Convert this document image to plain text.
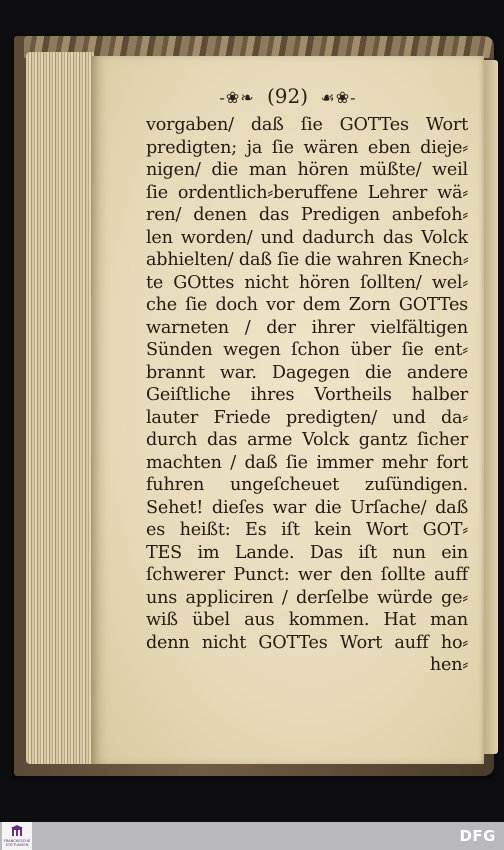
-❀❧ (92) ☙❀-
vorgaben/ daß ſie GOTTes Wort
predigten; ja ſie wären eben dieje⸗
nigen/ die man hören müßte/ weil
ſie ordentlich⸗beruffene Lehrer wä⸗
ren/ denen das Predigen anbefoh⸗
len worden/ und dadurch das Volck
abhielten/ daß ſie die wahren Knech⸗
te GOttes nicht hören ſollten/ wel⸗
che ſie doch vor dem Zorn GOTTes
warneten / der ihrer vielfältigen
Sünden wegen ſchon über ſie ent⸗
brannt war. Dagegen die andere
Geiſtliche ihres Vortheils halber
lauter Friede predigten/ und da⸗
durch das arme Volck gantz ſicher
machten / daß ſie immer mehr fort
fuhren ungeſcheuet zuſündigen.
Sehet! dieſes war die Urſache/ daß
es heißt: Es iſt kein Wort GOT⸗
TES im Lande. Das iſt nun ein
ſchwerer Punct: wer den ſollte auff
uns appliciren / derſelbe würde ge⸗
wiß übel aus kommen. Hat man
denn nicht GOTTes Wort auff ho⸗
hen⸗
FRANCKESCHE STIFTUNGEN	DFG
